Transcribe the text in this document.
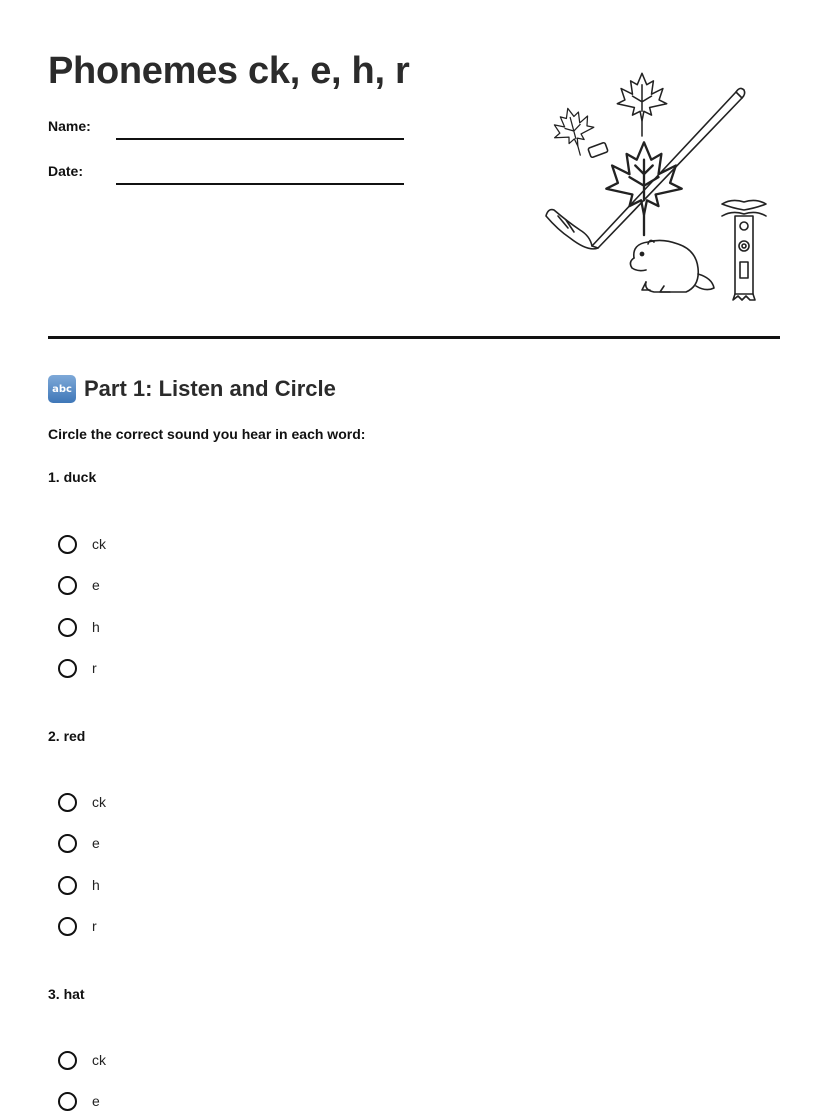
Phonemes ck, e, h, r
Name:
Date:
abc Part 1: Listen and Circle
Circle the correct sound you hear in each word:
1. duck
ck
e
h
r
2. red
ck
e
h
r
3. hat
ck
e
